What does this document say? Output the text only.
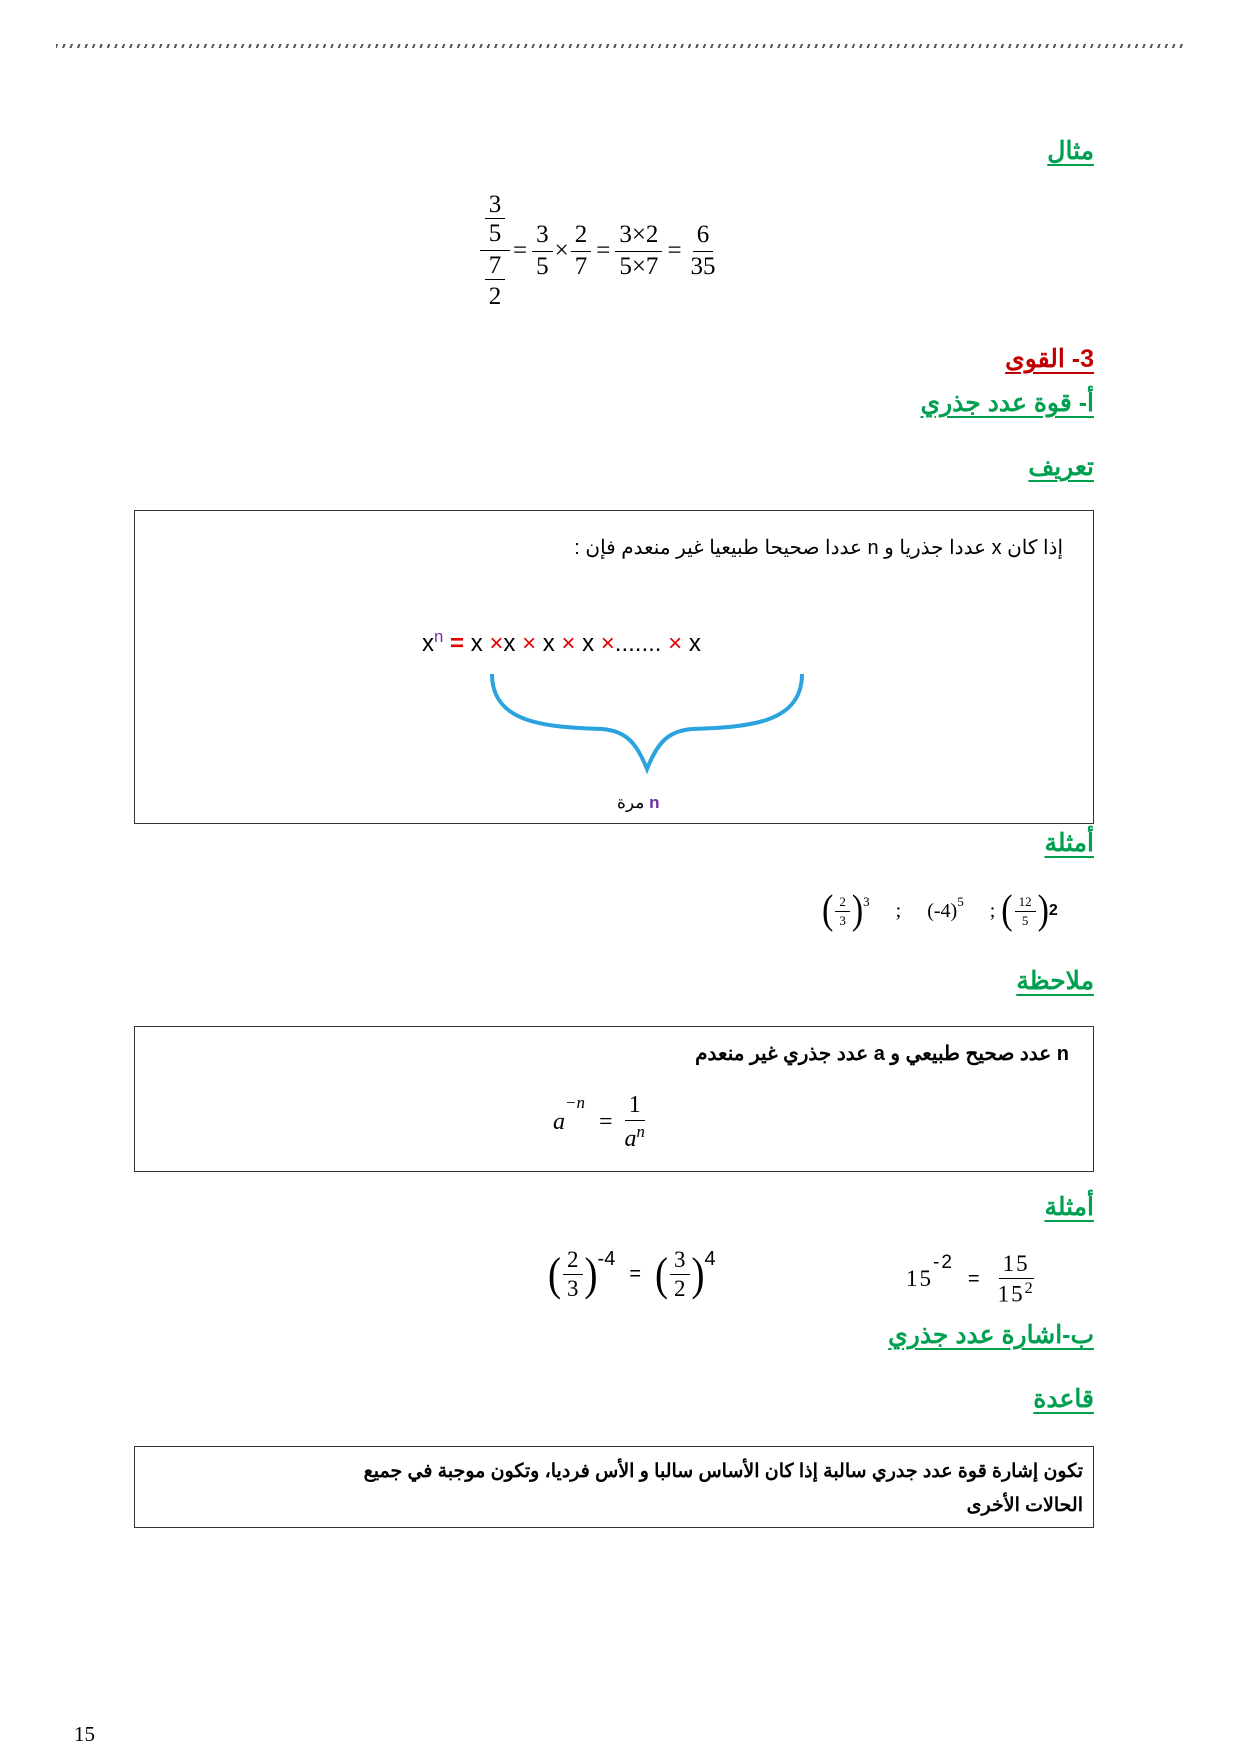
مثال
$\frac{3}{5}$
$\frac{7}{2}$
= $\frac{3}{5} \times \frac{2}{7} = \frac{3\times 2}{5\times 7} = \frac{6}{35}$
3- القوى
أ- قوة عدد جذري
تعريف
إذا كان x عددا جذريا و n عددا صحيحا طبيعيا غير منعدم فإن :
$x^n = x \times x \times x \times x$ ×....... × x
n مرة
أمثلة
( $\frac{2}{3}$ ) 3 ; (-4) 5 ; ( $\frac{12}{5}$ ) 2
ملاحظة
n عدد صحيح طبيعي و a عدد جذري غير منعدم
a
−n
= $\frac{1}{a^n}$
أمثلة
( $\frac{2}{3}$ ) -4
= ( $\frac{3}{2}$ ) 4
15
-2
= $\frac{15}{15^2}$
ب-اشارة عدد جذري
قاعدة
تكون إشارة قوة عدد جدري سالبة إذا كان الأساس سالبا و الأس فرديا، وتكون موجبة في جميع
الحالات الأخرى
15
